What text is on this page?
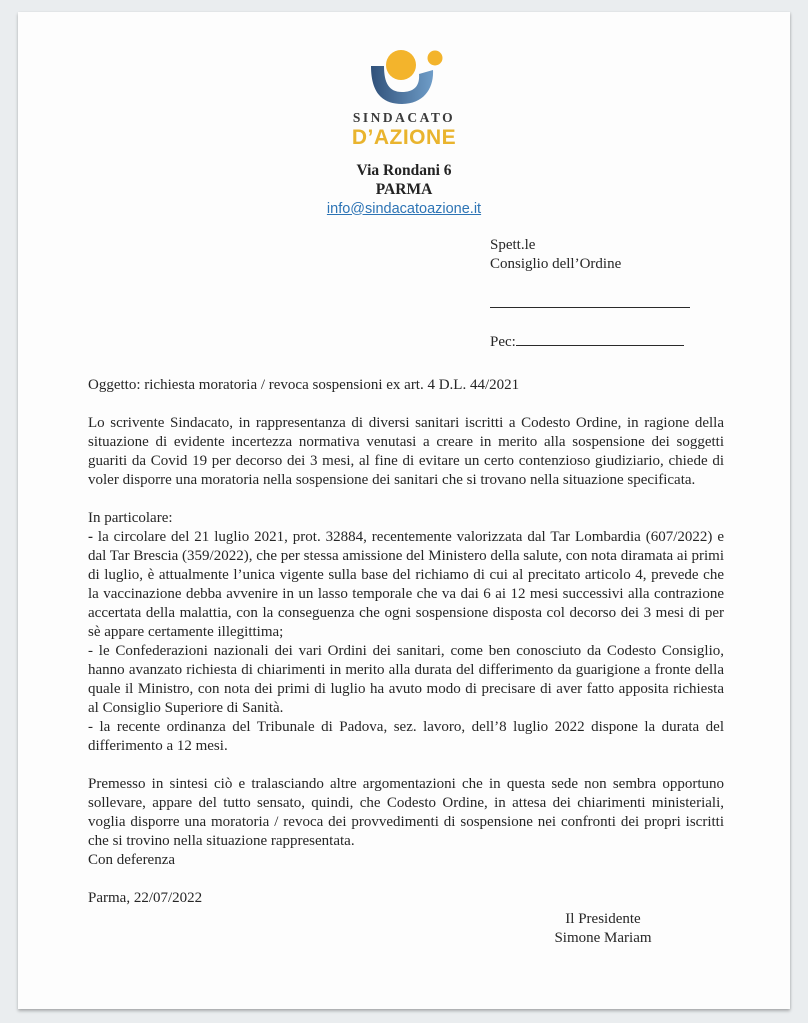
SINDACATO
D’AZIONE
Via Rondani 6
PARMA
info@sindacatoazione.it
Spett.le
Consiglio dell’Ordine
Pec:

Oggetto: richiesta moratoria / revoca sospensioni ex art. 4 D.L. 44/2021

Lo scrivente Sindacato, in rappresentanza di diversi sanitari iscritti a Codesto Ordine, in ragione della situazione di evidente incertezza normativa venutasi a creare in merito alla sospensione dei soggetti guariti da Covid 19 per decorso dei 3 mesi, al fine di evitare un certo contenzioso giudiziario, chiede di voler disporre una moratoria nella sospensione dei sanitari che si trovano nella situazione specificata.

In particolare:

- la circolare del 21 luglio 2021, prot. 32884, recentemente valorizzata dal Tar Lombardia (607/2022) e dal Tar Brescia (359/2022), che per stessa amissione del Ministero della salute, con nota diramata ai primi di luglio, è attualmente l’unica vigente sulla base del richiamo di cui al precitato articolo 4, prevede che la vaccinazione debba avvenire in un lasso temporale che va dai 6 ai 12 mesi successivi alla contrazione accertata della malattia, con la conseguenza che ogni sospensione disposta col decorso dei 3 mesi di per sè appare certamente illegittima;

- le Confederazioni nazionali dei vari Ordini dei sanitari, come ben conosciuto da Codesto Consiglio, hanno avanzato richiesta di chiarimenti in merito alla durata del differimento da guarigione a fronte della quale il Ministro, con nota dei primi di luglio ha avuto modo di precisare di aver fatto apposita richiesta al Consiglio Superiore di Sanità.

- la recente ordinanza del Tribunale di Padova, sez. lavoro, dell’8 luglio 2022 dispone la durata del differimento a 12 mesi.

Premesso in sintesi ciò e tralasciando altre argomentazioni che in questa sede non sembra opportuno sollevare, appare del tutto sensato, quindi, che Codesto Ordine, in attesa dei chiarimenti ministeriali, voglia disporre una moratoria / revoca dei provvedimenti di sospensione nei confronti dei propri iscritti che si trovino nella situazione rappresentata.

Con deferenza

Parma, 22/07/2022

Il Presidente
Simone Mariam
